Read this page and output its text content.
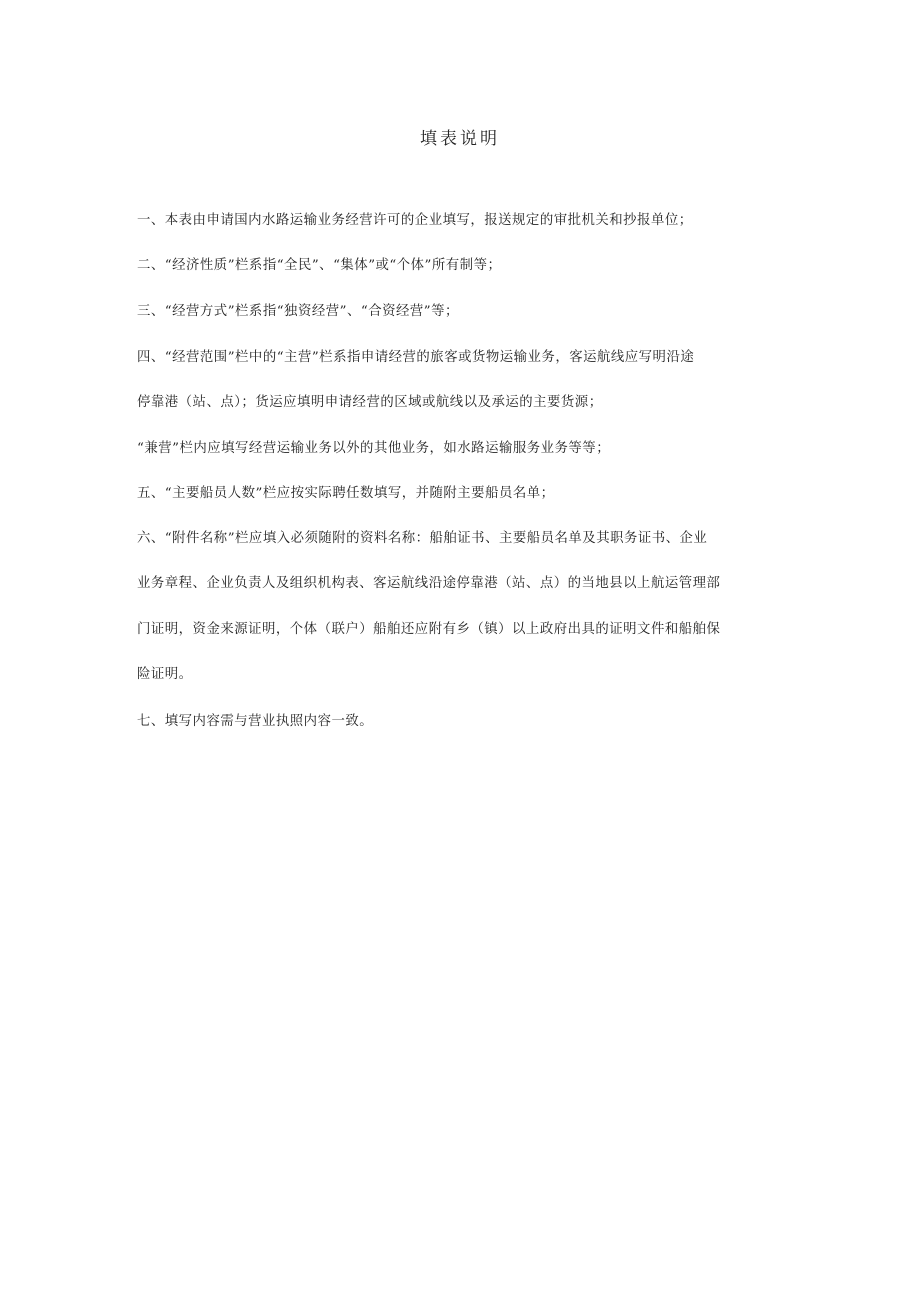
填表说明
一、本表由申请国内水路运输业务经营许可的企业填写，报送规定的审批机关和抄报单位；
二、“经济性质”栏系指“全民”、“集体”或“个体”所有制等；
三、“经营方式”栏系指“独资经营”、“合资经营”等；
四、“经营范围”栏中的“主营”栏系指申请经营的旅客或货物运输业务，客运航线应写明沿途
停靠港（站、点）；货运应填明申请经营的区域或航线以及承运的主要货源；
“兼营”栏内应填写经营运输业务以外的其他业务，如水路运输服务业务等等；
五、“主要船员人数”栏应按实际聘任数填写，并随附主要船员名单；
六、“附件名称”栏应填入必须随附的资料名称：船舶证书、主要船员名单及其职务证书、企业
业务章程、企业负责人及组织机构表、客运航线沿途停靠港（站、点）的当地县以上航运管理部
门证明，资金来源证明，个体（联户）船舶还应附有乡（镇）以上政府出具的证明文件和船舶保
险证明。
七、填写内容需与营业执照内容一致。
